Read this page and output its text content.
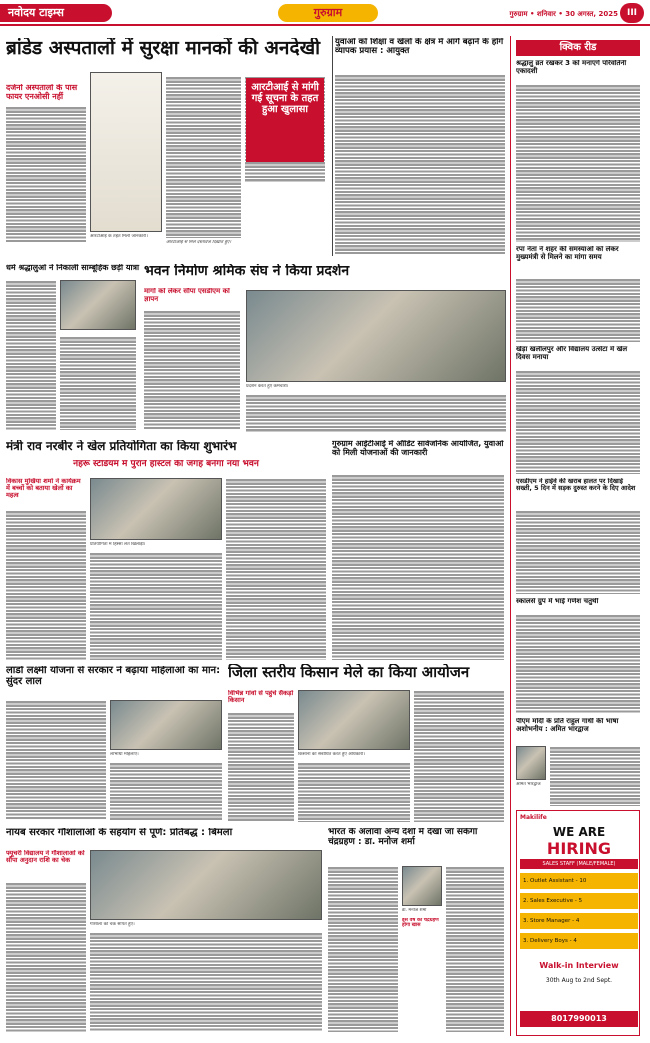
नवोदय टाइम्स	गुरुग्राम	गुरुग्राम • शनिवार • 30 अगस्त, 2025 III
ब्रांडेड अस्पतालों में सुरक्षा मानकों की अनदेखी
दर्जनों अस्पतालों के पास फायर एनओसी नहीं
आरटीआई के तहत मिली जानकारी।
आरटीआई से मांगी गई सूचना के तहत हुआ खुलासा
आरटीआई से मिले दस्तावेज दिखाते हुए।
युवाओं को शिक्षा व खेलों के क्षेत्र में आगे बढ़ाने के होंगे व्यापक प्रयास : आयुक्त
धर्म श्रद्धालुओं ने निकाली साम्बूहिक छड़ी यात्रा भवन निर्माण श्रमिक संघ ने किया प्रदर्शन
मांगों को लेकर सौंपा एसडीएम को ज्ञापन
प्रदर्शन करते हुए कर्मचारी।
मंत्री राव नरबीर ने खेल प्रतियोगिता का किया शुभारंभ
नेहरू स्टेडियम में पुराने हॉस्टल की जगह बनेगा नया भवन
विकास मुखिया शर्मा ने कार्यक्रम में बच्चों को बताया खेलों का महत्व
प्रतियोगिता में हिस्सा लेते खिलाड़ी।
गुरुग्राम आईटीआई में ऑडिट सार्वजनिक आयोजित, युवाओं को मिली योजनाओं की जानकारी
लाडो लक्ष्मी योजना से सरकार ने बढ़ाया महिलाओं का मान: सुंदर लाल
लाभार्थी महिलाएं।
जिला स्तरीय किसान मेले का किया आयोजन
विभिन्न गांवों से पहुंचे सैकड़ों किसान
किसानों को संबोधित करते हुए अधिकारी।
नायब सरकार गौशालाओं के सहयोग से पूर्ण: प्रतिबद्ध : बिमला
फ्यूचरी विद्यालय ने गौशालाओं को सौंपा अनुदान राशि का चेक
गौशाला को चेक सौंपते हुए।
भारत के अलावा अन्य देशों में देखा जा सकेगा चंद्रग्रहण : डा. मनोज शर्मा
डा. मनोज शर्मा
इस वर्ष का चंद्रग्रहण होगा खास
क्विक रीड
श्रद्धालु व्रत रखकर 3 को मनाएंगे परिवर्तिनी एकादशी
रपा नेता ने शहर की समस्याओं को लेकर मुख्यमंत्री से मिलने का मांगा समय
खेड़ा खलीलपुर और विद्यालय उत्सेटा में खेल दिवस मनाया
एसडीएम ने हाईवे की खराब हालत पर दिखाई सख्ती, 5 दिन में सड़क दुरुस्त करने के दिए आदेश
स्कालर्स ग्रुप में भाई गणेश चतुर्थी
पीएम मोदी के प्रति राहुल गांधी की भाषा अशोभनीय : अमित भारद्वाज
अमित भारद्वाज
Makilife
WE ARE
HIRING
SALES STAFF (MALE/FEMALE)
1. Outlet Assistant - 10
2. Sales Executive - 5
3. Store Manager - 4
3. Delivery Boys - 4
Walk-in Interview
30th Aug to 2nd Sept.
8017990013
